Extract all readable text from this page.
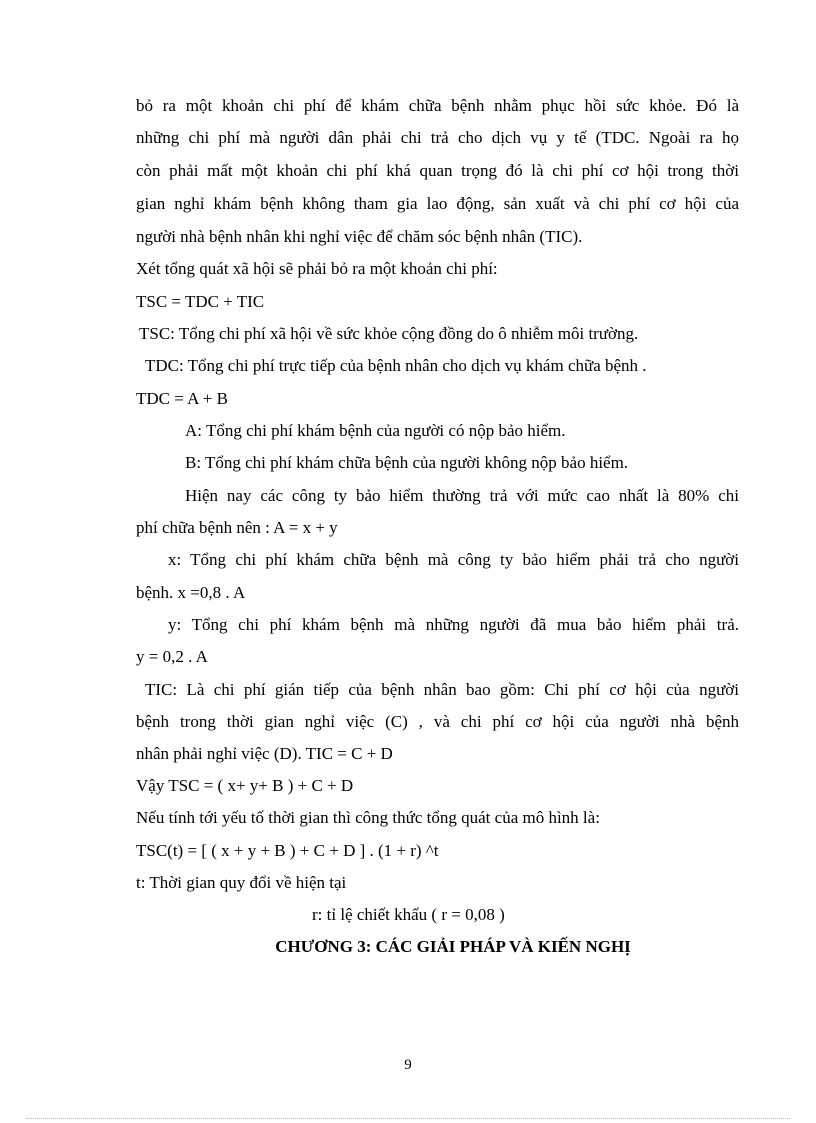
bỏ ra một khoản chi phí để khám chữa bệnh nhằm phục hồi sức khỏe. Đó là
những chi phí mà người dân phải chi trả cho dịch vụ y tế (TDC. Ngoài ra họ
còn phải mất một khoản chi phí khá quan trọng đó là chi phí cơ hội trong thời
gian nghỉ khám bệnh không tham gia lao động, sản xuất và chi phí cơ hội của
người nhà bệnh nhân khi nghỉ việc để chăm sóc bệnh nhân (TIC).
Xét tổng quát xã hội sẽ phải bỏ ra một khoản chi phí:
TSC = TDC + TIC
TSC: Tổng chi phí xã hội về sức khỏe cộng đồng do ô nhiễm môi trường.
TDC: Tổng chi phí trực tiếp của bệnh nhân cho dịch vụ khám chữa bệnh .
TDC = A + B
A: Tổng chi phí khám bệnh của người có nộp bảo hiểm.
B: Tổng chi phí khám chữa bệnh của người không nộp bảo hiểm.
Hiện nay các công ty bảo hiểm thường trả với mức cao nhất là 80% chi
phí chữa bệnh nên : A = x + y
x: Tổng chi phí khám chữa bệnh mà công ty bảo hiểm phải trả cho người
bệnh. x =0,8 . A
y: Tổng chi phí khám bệnh mà những người đã mua bảo hiểm phải trả.
y = 0,2 . A
TIC: Là chi phí gián tiếp của bệnh nhân bao gồm: Chi phí cơ hội của người
bệnh trong thời gian nghỉ việc (C) , và chi phí cơ hội của người nhà bệnh
nhân phải nghỉ việc (D). TIC = C + D
Vậy TSC = ( x+ y+ B ) + C + D
Nếu tính tới yếu tố thời gian thì công thức tổng quát của mô hình là:
TSC(t) = [ ( x + y + B ) + C + D ] . (1 + r) ^t
t: Thời gian quy đổi về hiện tại
r: tỉ lệ chiết khấu ( r = 0,08 )
CHƯƠNG 3: CÁC GIẢI PHÁP VÀ KIẾN NGHỊ
9
